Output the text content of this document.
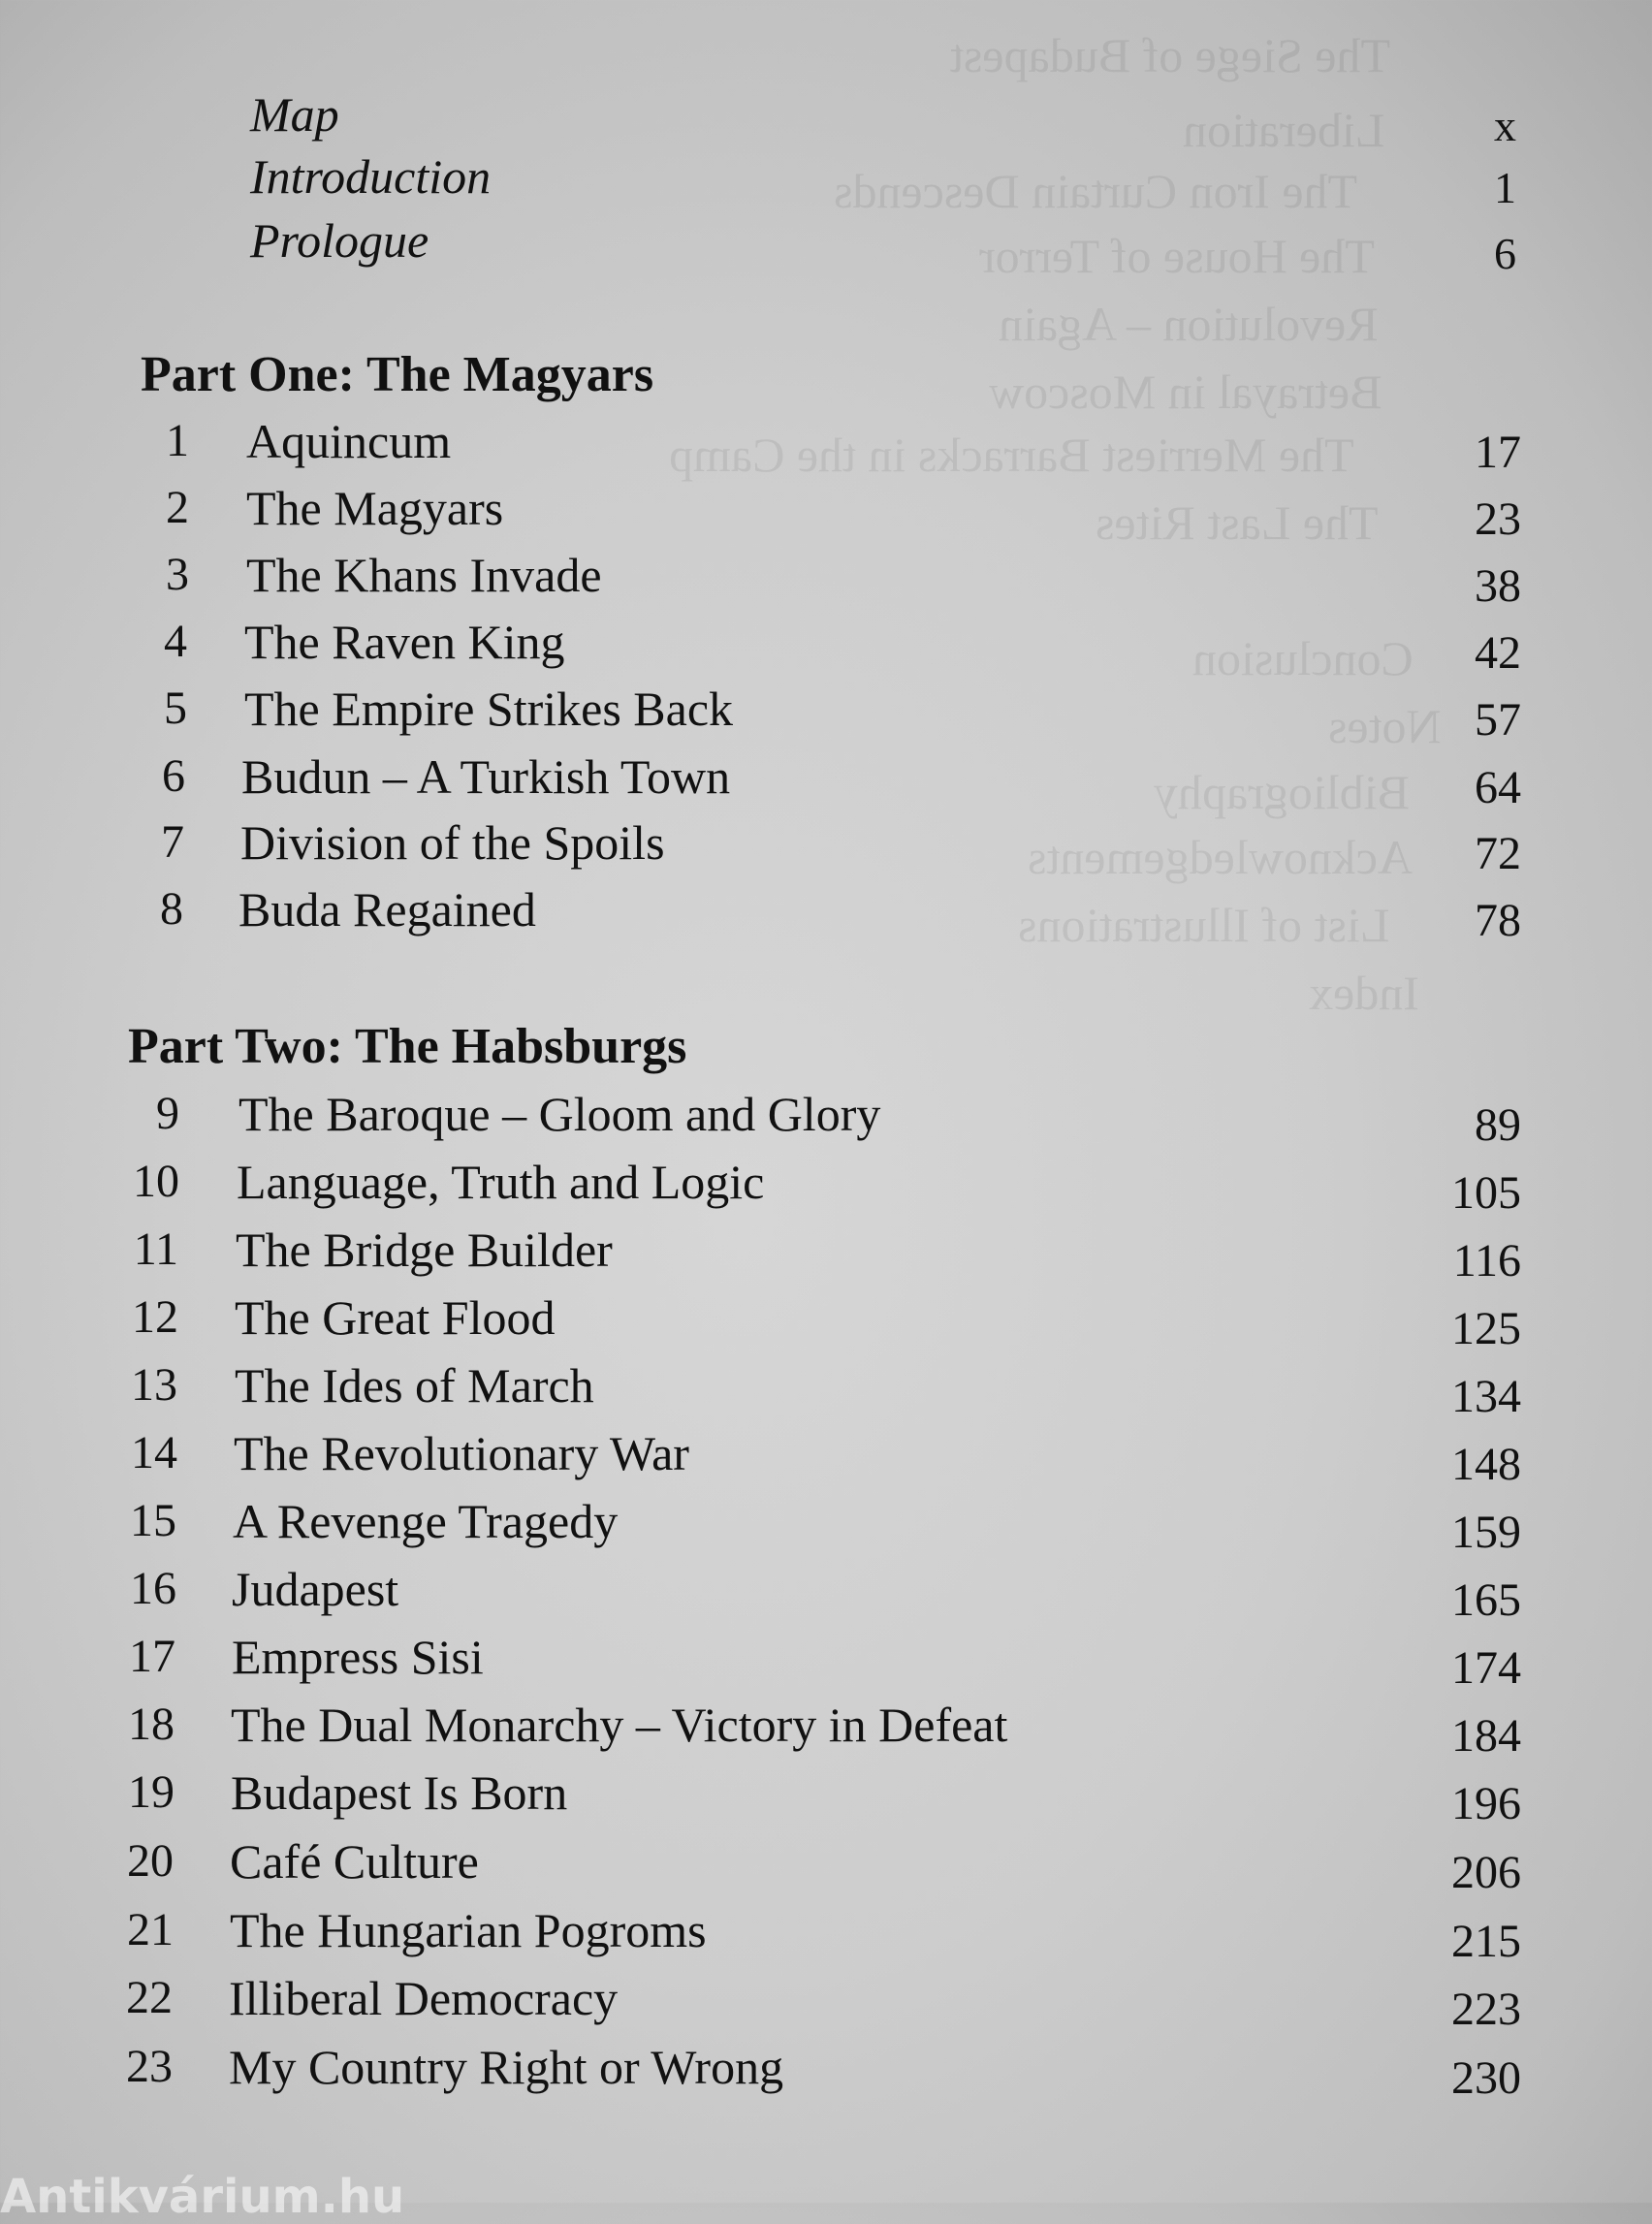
The Siege of Budapest
Liberation
The Iron Curtain Descends
The House of Terror
Revolution – Again
Betrayal in Moscow
The Merriest Barracks in the Camp
The Last Rites
Conclusion
Notes
Bibliography
Acknowledgements
List of Illustrations
Index
Map	x
Introduction	1
Prologue	6
Part One: The Magyars
1 Aquincum	17
2 The Magyars	23
3 The Khans Invade	38
4 The Raven King	42
5 The Empire Strikes Back	57
6 Budun – A Turkish Town	64
7 Division of the Spoils	72
8 Buda Regained	78
Part Two: The Habsburgs
9 The Baroque – Gloom and Glory	89
10 Language, Truth and Logic	105
11 The Bridge Builder	116
12 The Great Flood	125
13 The Ides of March	134
14 The Revolutionary War	148
15 A Revenge Tragedy	159
16 Judapest	165
17 Empress Sisi	174
18 The Dual Monarchy – Victory in Defeat	184
19 Budapest Is Born	196
20 Café Culture	206
21 The Hungarian Pogroms	215
22 Illiberal Democracy	223
23 My Country Right or Wrong	230
Antikvárium.hu
